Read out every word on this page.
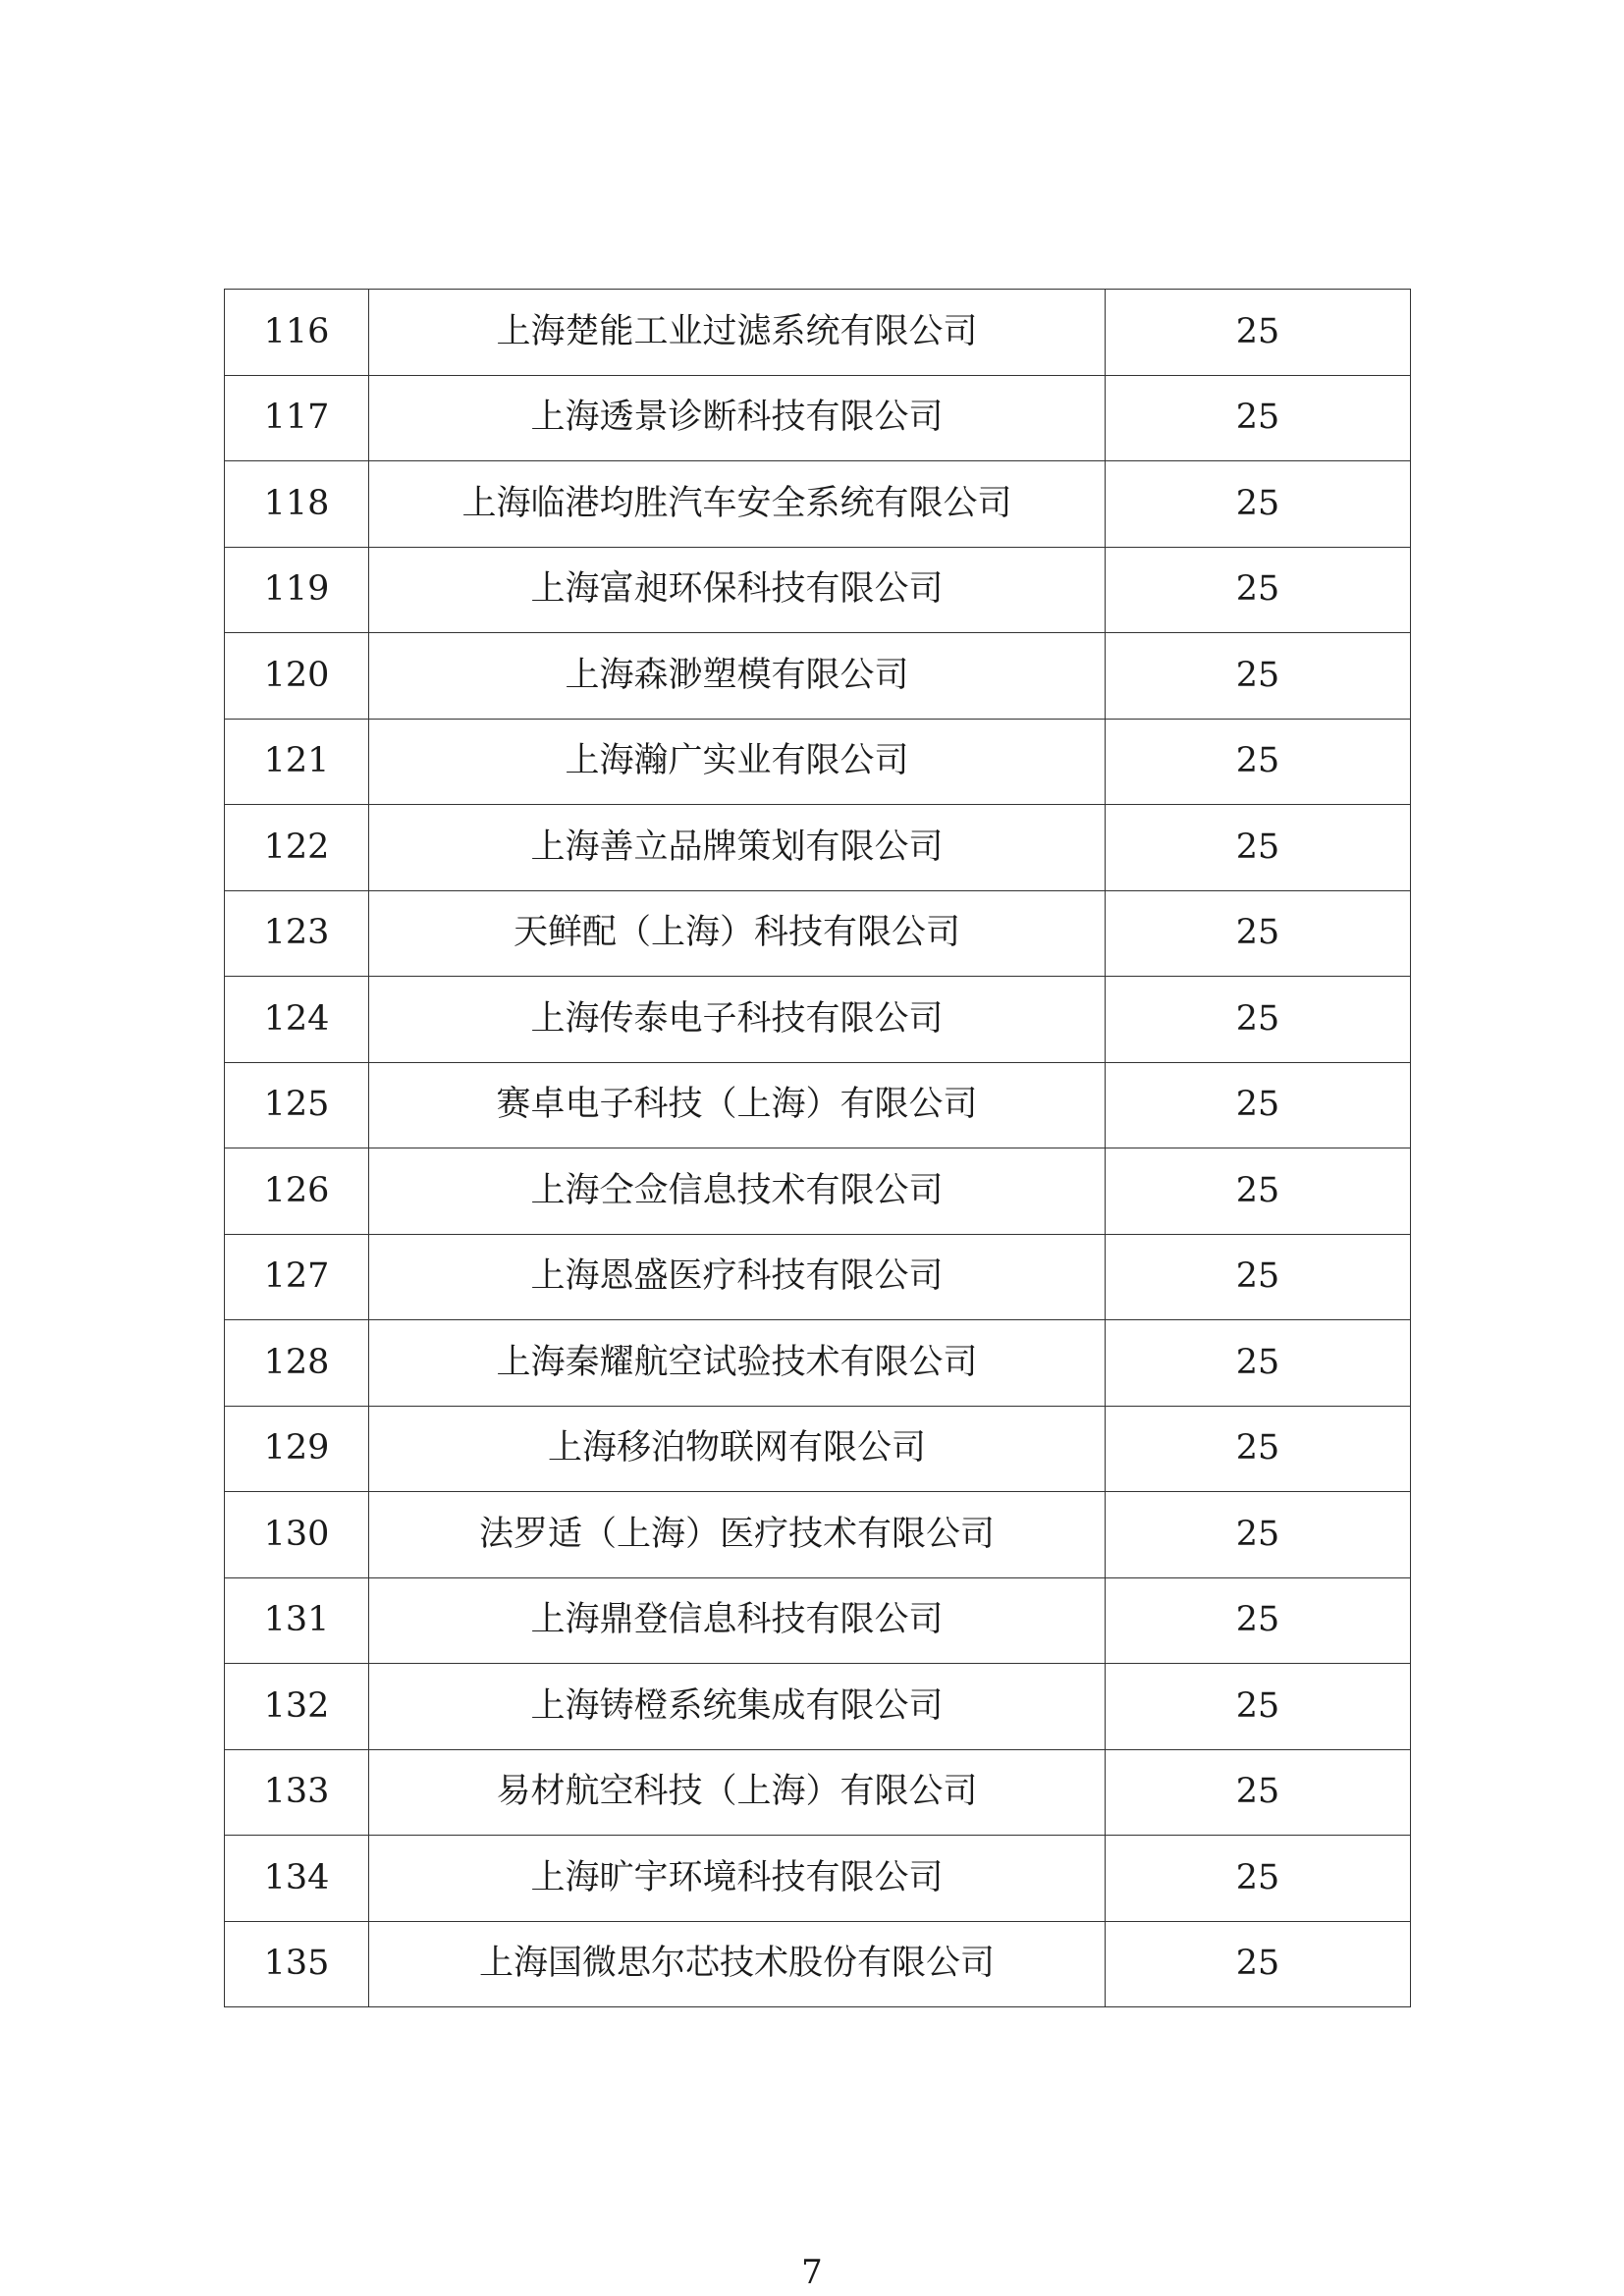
116	上海楚能工业过滤系统有限公司	25
117	上海透景诊断科技有限公司	25
118	上海临港均胜汽车安全系统有限公司	25
119	上海富昶环保科技有限公司	25
120	上海森渺塑模有限公司	25
121	上海瀚广实业有限公司	25
122	上海善立品牌策划有限公司	25
123	天鲜配（上海）科技有限公司	25
124	上海传泰电子科技有限公司	25
125	赛卓电子科技（上海）有限公司	25
126	上海仝佥信息技术有限公司	25
127	上海恩盛医疗科技有限公司	25
128	上海秦耀航空试验技术有限公司	25
129	上海移泊物联网有限公司	25
130	法罗适（上海）医疗技术有限公司	25
131	上海鼎登信息科技有限公司	25
132	上海铸橙系统集成有限公司	25
133	易材航空科技（上海）有限公司	25
134	上海旷宇环境科技有限公司	25
135	上海国微思尔芯技术股份有限公司	25
7
